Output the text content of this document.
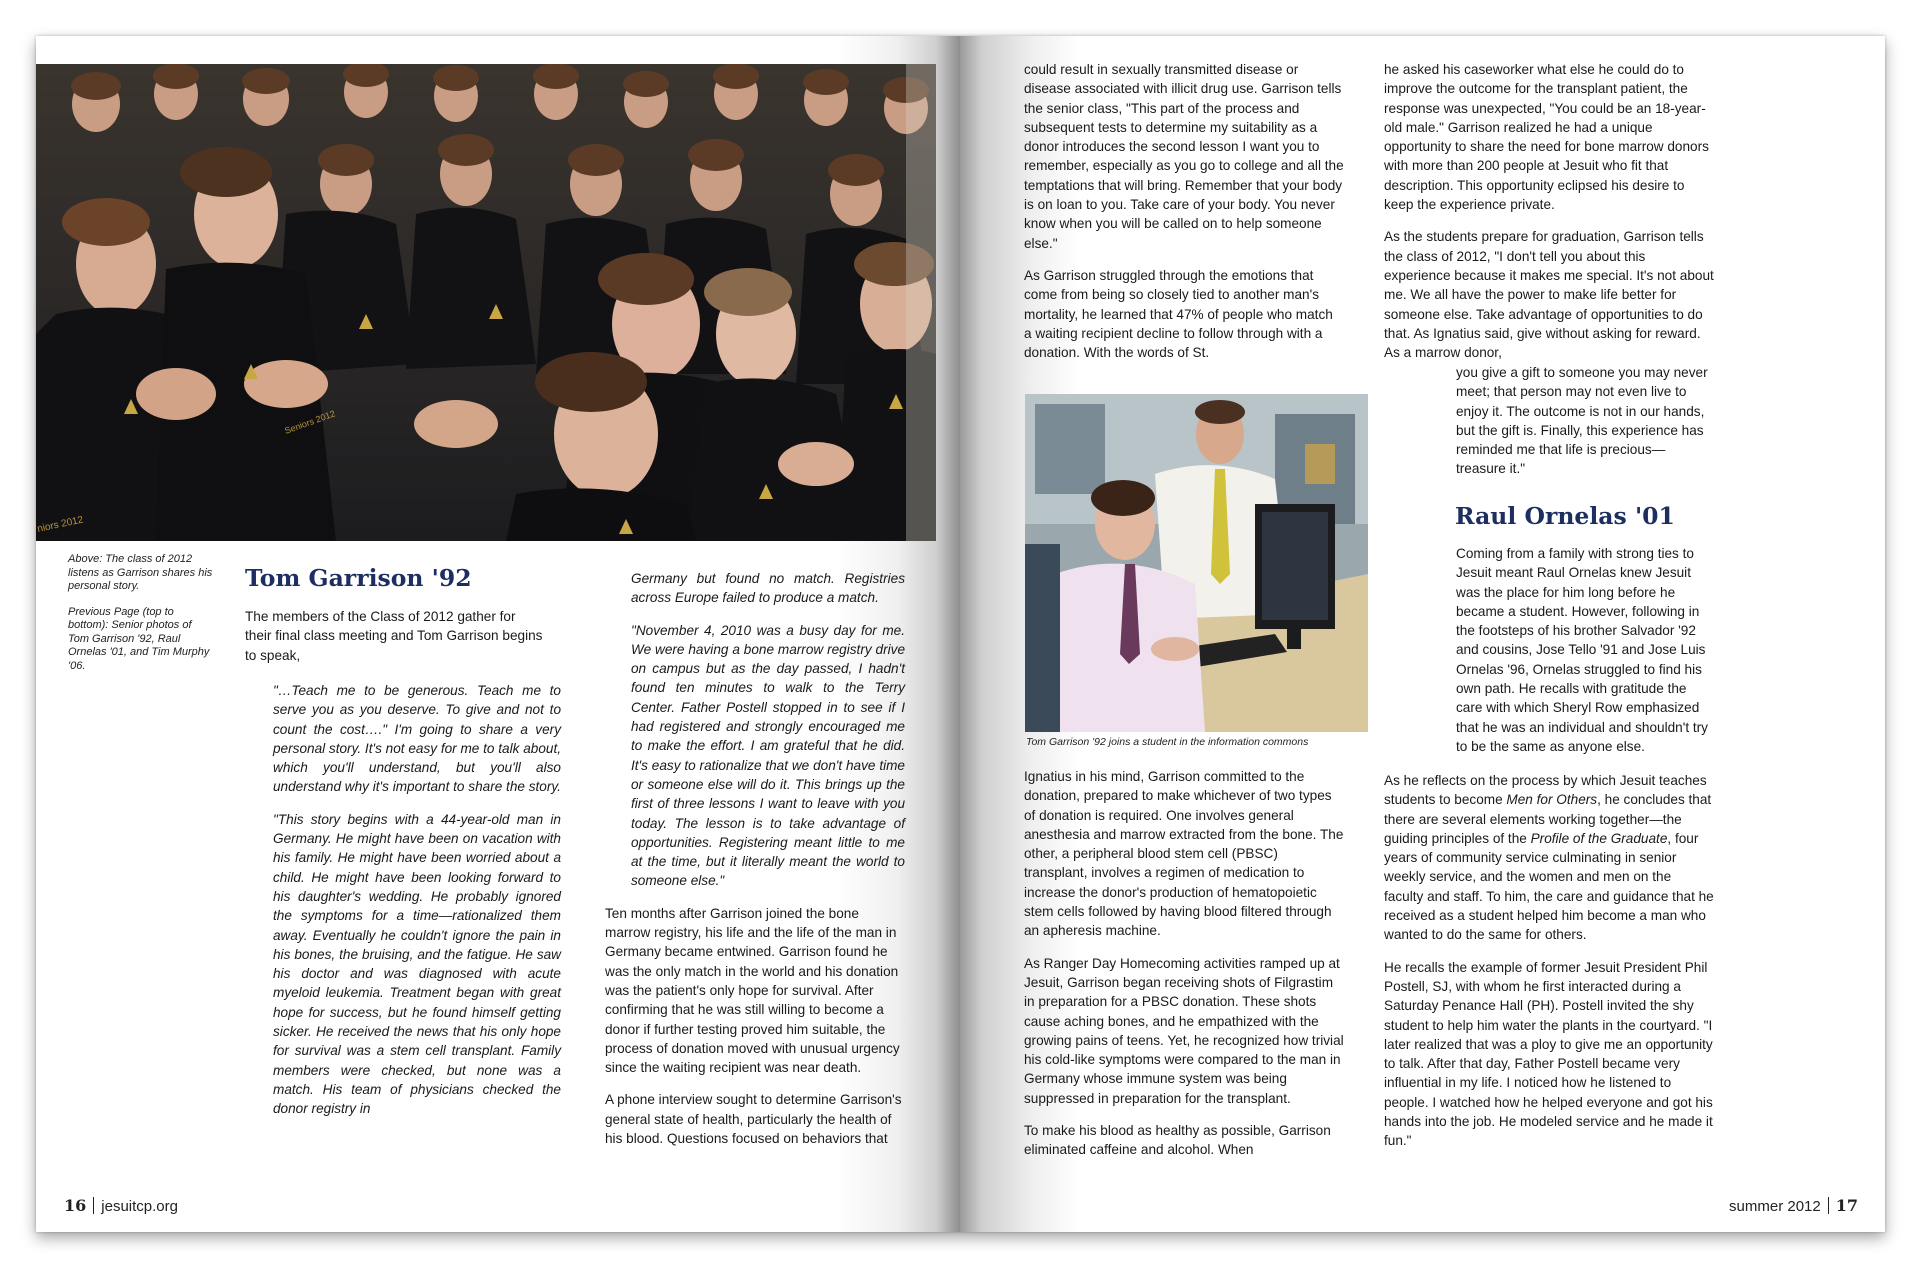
Seniors 2012
niors 2012

Above: The class of 2012 listens as Garrison shares his personal story.

Previous Page (top to bottom): Senior photos of Tom Garrison '92, Raul Ornelas '01, and Tim Murphy '06.

Tom Garrison '92

The members of the Class of 2012 gather for their final class meeting and Tom Garrison begins to speak,

"…Teach me to be generous. Teach me to serve you as you deserve. To give and not to count the cost…." I'm going to share a very personal story. It's not easy for me to talk about, which you'll understand, but you'll also understand why it's important to share the story.

"This story begins with a 44-year-old man in Germany. He might have been on vacation with his family. He might have been worried about a child. He might have been looking forward to his daughter's wedding. He probably ignored the symptoms for a time—rationalized them away. Eventually he couldn't ignore the pain in his bones, the bruising, and the fatigue. He saw his doctor and was diagnosed with acute myeloid leukemia. Treatment began with great hope for success, but he found himself getting sicker. He received the news that his only hope for survival was a stem cell transplant. Family members were checked, but none was a match. His team of physicians checked the donor registry in

Germany but found no match. Registries across Europe failed to produce a match.

"November 4, 2010 was a busy day for me. We were having a bone marrow registry drive on campus but as the day passed, I hadn't found ten minutes to walk to the Terry Center. Father Postell stopped in to see if I had registered and strongly encouraged me to make the effort. I am grateful that he did. It's easy to rationalize that we don't have time or someone else will do it. This brings up the first of three lessons I want to leave with you today. The lesson is to take advantage of opportunities. Registering meant little to me at the time, but it literally meant the world to someone else."

Ten months after Garrison joined the bone marrow registry, his life and the life of the man in Germany became entwined. Garrison found he was the only match in the world and his donation was the patient's only hope for survival. After confirming that he was still willing to become a donor if further testing proved him suitable, the process of donation moved with unusual urgency since the waiting recipient was near death.

A phone interview sought to determine Garrison's general state of health, particularly the health of his blood. Questions focused on behaviors that

16 jesuitcp.org

could result in sexually transmitted disease or disease associated with illicit drug use. Garrison tells the senior class, "This part of the process and subsequent tests to determine my suitability as a donor introduces the second lesson I want you to remember, especially as you go to college and all the temptations that will bring. Remember that your body is on loan to you. Take care of your body. You never know when you will be called on to help someone else."

As Garrison struggled through the emotions that come from being so closely tied to another man's mortality, he learned that 47% of people who match a waiting recipient decline to follow through with a donation. With the words of St.

Tom Garrison '92 joins a student in the information commons

Ignatius in his mind, Garrison committed to the donation, prepared to make whichever of two types of donation is required. One involves general anesthesia and marrow extracted from the bone. The other, a peripheral blood stem cell (PBSC) transplant, involves a regimen of medication to increase the donor's production of hematopoietic stem cells followed by having blood filtered through an apheresis machine.

As Ranger Day Homecoming activities ramped up at Jesuit, Garrison began receiving shots of Filgrastim in preparation for a PBSC donation. These shots cause aching bones, and he empathized with the growing pains of teens. Yet, he recognized how trivial his cold-like symptoms were compared to the man in Germany whose immune system was being suppressed in preparation for the transplant.

To make his blood as healthy as possible, Garrison eliminated caffeine and alcohol. When

he asked his caseworker what else he could do to improve the outcome for the transplant patient, the response was unexpected, "You could be an 18-year-old male." Garrison realized he had a unique opportunity to share the need for bone marrow donors with more than 200 people at Jesuit who fit that description. This opportunity eclipsed his desire to keep the experience private.

As the students prepare for graduation, Garrison tells the class of 2012, "I don't tell you about this experience because it makes me special. It's not about me. We all have the power to make life better for someone else. Take advantage of opportunities to do that. As Ignatius said, give without asking for reward. As a marrow donor,

you give a gift to someone you may never meet; that person may not even live to enjoy it. The outcome is not in our hands, but the gift is. Finally, this experience has reminded me that life is precious—treasure it."

Raul Ornelas '01

Coming from a family with strong ties to Jesuit meant Raul Ornelas knew Jesuit was the place for him long before he became a student. However, following in the footsteps of his brother Salvador '92 and cousins, Jose Tello '91 and Jose Luis Ornelas '96, Ornelas struggled to find his own path. He recalls with gratitude the care with which Sheryl Row emphasized that he was an individual and shouldn't try to be the same as anyone else.

As he reflects on the process by which Jesuit teaches students to become Men for Others, he concludes that there are several elements working together—the guiding principles of the Profile of the Graduate, four years of community service culminating in senior weekly service, and the women and men on the faculty and staff. To him, the care and guidance that he received as a student helped him become a man who wanted to do the same for others.

He recalls the example of former Jesuit President Phil Postell, SJ, with whom he first interacted during a Saturday Penance Hall (PH). Postell invited the shy student to help him water the plants in the courtyard. "I later realized that was a ploy to give me an opportunity to talk. After that day, Father Postell became very influential in my life. I noticed how he listened to people. I watched how he helped everyone and got his hands into the job. He modeled service and he made it fun."

summer 2012 17
